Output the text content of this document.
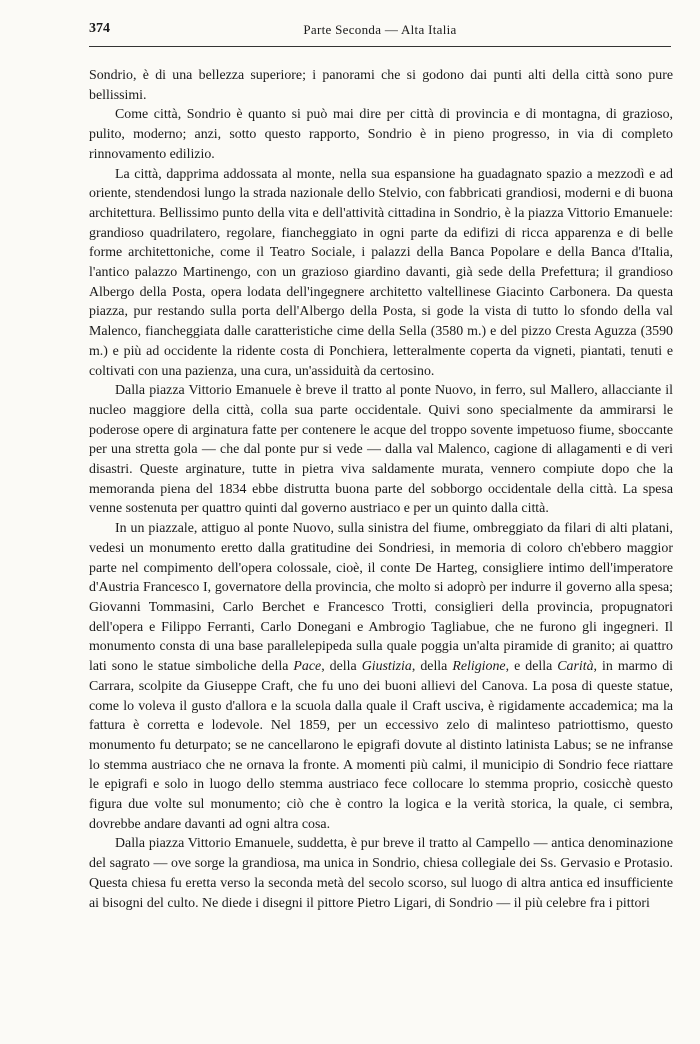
374	Parte Seconda — Alta Italia

Sondrio, è di una bellezza superiore; i panorami che si godono dai punti alti della città sono pure bellissimi.

Come città, Sondrio è quanto si può mai dire per città di provincia e di montagna, di grazioso, pulito, moderno; anzi, sotto questo rapporto, Sondrio è in pieno progresso, in via di completo rinnovamento edilizio.

La città, dapprima addossata al monte, nella sua espansione ha guadagnato spazio a mezzodì e ad oriente, stendendosi lungo la strada nazionale dello Stelvio, con fabbricati grandiosi, moderni e di buona architettura. Bellissimo punto della vita e dell'attività cittadina in Sondrio, è la piazza Vittorio Emanuele: grandioso quadrilatero, regolare, fiancheggiato in ogni parte da edifizi di ricca apparenza e di belle forme architettoniche, come il Teatro Sociale, i palazzi della Banca Popolare e della Banca d'Italia, l'antico palazzo Martinengo, con un grazioso giardino davanti, già sede della Prefettura; il grandioso Albergo della Posta, opera lodata dell'ingegnere architetto valtellinese Giacinto Carbonera. Da questa piazza, pur restando sulla porta dell'Albergo della Posta, si gode la vista di tutto lo sfondo della val Malenco, fiancheggiata dalle caratteristiche cime della Sella (3580 m.) e del pizzo Cresta Aguzza (3590 m.) e più ad occidente la ridente costa di Ponchiera, letteralmente coperta da vigneti, piantati, tenuti e coltivati con una pazienza, una cura, un'assiduità da certosino.

Dalla piazza Vittorio Emanuele è breve il tratto al ponte Nuovo, in ferro, sul Mallero, allacciante il nucleo maggiore della città, colla sua parte occidentale. Quivi sono specialmente da ammirarsi le poderose opere di arginatura fatte per contenere le acque del troppo sovente impetuoso fiume, sboccante per una stretta gola — che dal ponte pur si vede — dalla val Malenco, cagione di allagamenti e di veri disastri. Queste arginature, tutte in pietra viva saldamente murata, vennero compiute dopo che la memoranda piena del 1834 ebbe distrutta buona parte del sobborgo occidentale della città. La spesa venne sostenuta per quattro quinti dal governo austriaco e per un quinto dalla città.

In un piazzale, attiguo al ponte Nuovo, sulla sinistra del fiume, ombreggiato da filari di alti platani, vedesi un monumento eretto dalla gratitudine dei Sondriesi, in memoria di coloro ch'ebbero maggior parte nel compimento dell'opera colossale, cioè, il conte De Harteg, consigliere intimo dell'imperatore d'Austria Francesco I, governatore della provincia, che molto si adoprò per indurre il governo alla spesa; Giovanni Tommasini, Carlo Berchet e Francesco Trotti, consiglieri della provincia, propugnatori dell'opera e Filippo Ferranti, Carlo Donegani e Ambrogio Tagliabue, che ne furono gli ingegneri. Il monumento consta di una base parallelepipeda sulla quale poggia un'alta piramide di granito; ai quattro lati sono le statue simboliche della Pace, della Giustizia, della Religione, e della Carità, in marmo di Carrara, scolpite da Giuseppe Craft, che fu uno dei buoni allievi del Canova. La posa di queste statue, come lo voleva il gusto d'allora e la scuola dalla quale il Craft usciva, è rigidamente accademica; ma la fattura è corretta e lodevole. Nel 1859, per un eccessivo zelo di malinteso patriottismo, questo monumento fu deturpato; se ne cancellarono le epigrafi dovute al distinto latinista Labus; se ne infranse lo stemma austriaco che ne ornava la fronte. A momenti più calmi, il municipio di Sondrio fece riattare le epigrafi e solo in luogo dello stemma austriaco fece collocare lo stemma proprio, cosicchè questo figura due volte sul monumento; ciò che è contro la logica e la verità storica, la quale, ci sembra, dovrebbe andare davanti ad ogni altra cosa.

Dalla piazza Vittorio Emanuele, suddetta, è pur breve il tratto al Campello — antica denominazione del sagrato — ove sorge la grandiosa, ma unica in Sondrio, chiesa collegiale dei Ss. Gervasio e Protasio. Questa chiesa fu eretta verso la seconda metà del secolo scorso, sul luogo di altra antica ed insufficiente ai bisogni del culto. Ne diede i disegni il pittore Pietro Ligari, di Sondrio — il più celebre fra i pittori
